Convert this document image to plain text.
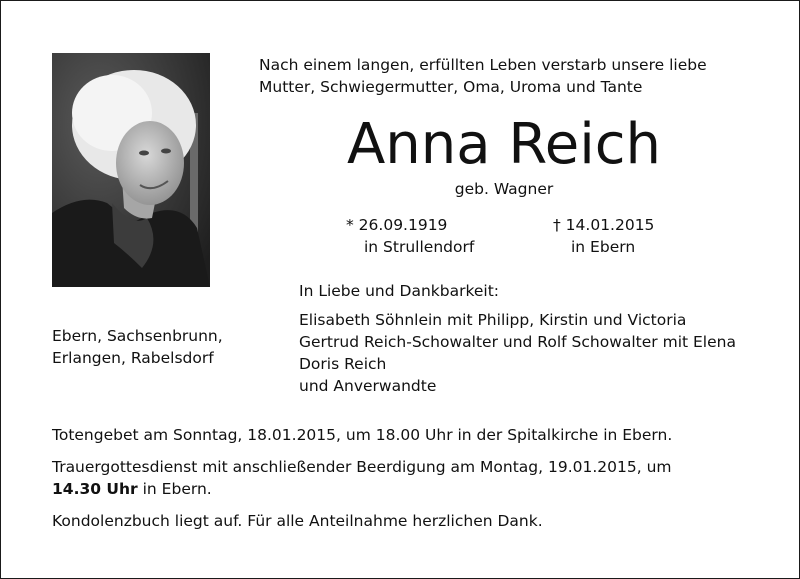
Nach einem langen, erfüllten Leben verstarb unsere liebe
Mutter, Schwiegermutter, Oma, Uroma und Tante
Anna Reich
geb. Wagner
* 26.09.1919
in Strullendorf
† 14.01.2015
in Ebern
In Liebe und Dankbarkeit:
Elisabeth Söhnlein mit Philipp, Kirstin und Victoria
Gertrud Reich-Schowalter und Rolf Schowalter mit Elena
Doris Reich
und Anverwandte
Ebern, Sachsenbrunn,
Erlangen, Rabelsdorf

Totengebet am Sonntag, 18.01.2015, um 18.00 Uhr in der Spitalkirche in Ebern.

Trauergottesdienst mit anschließender Beerdigung am Montag, 19.01.2015, um
14.30 Uhr in Ebern.

Kondolenzbuch liegt auf. Für alle Anteilnahme herzlichen Dank.
